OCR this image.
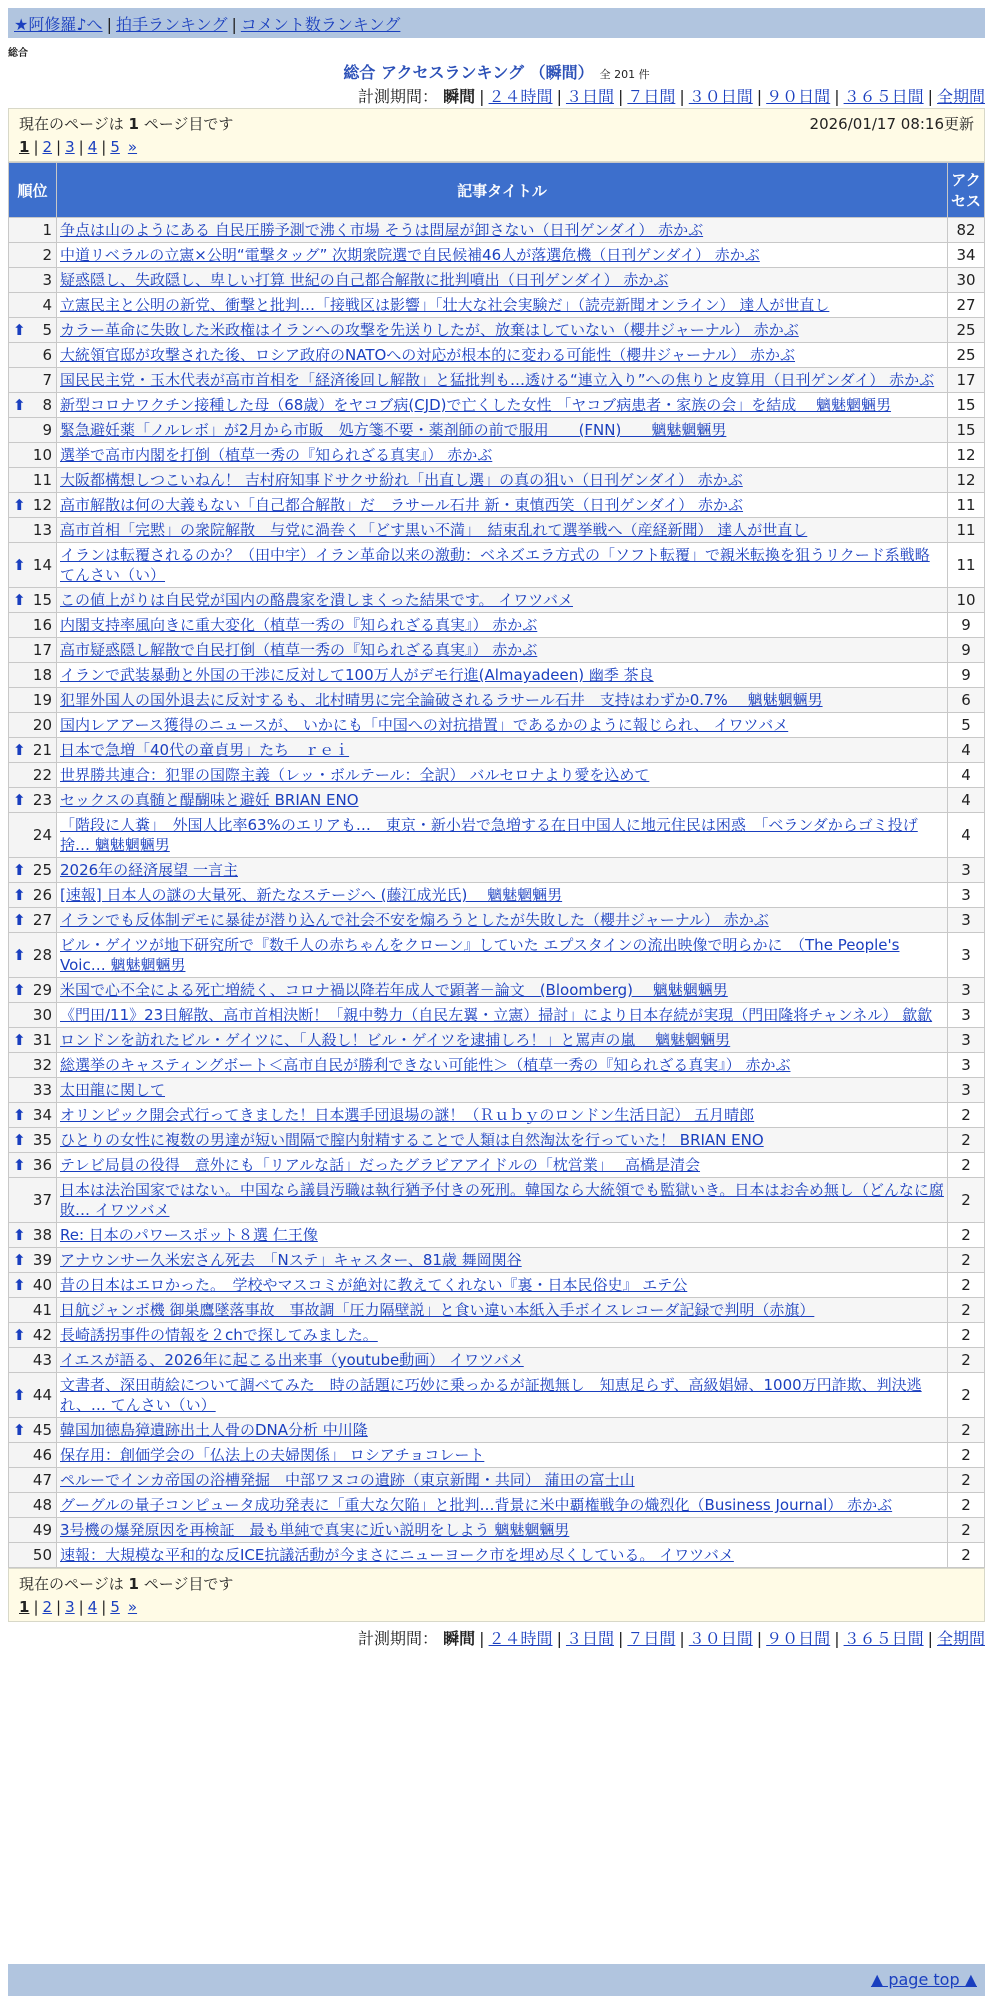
★阿修羅♪へ | 拍手ランキング | コメント数ランキング
総合
総合 アクセスランキング （瞬間） 全 201 件
計測期間： 瞬間 | ２４時間 | ３日間 | ７日間 | ３０日間 | ９０日間 | ３６５日間 | 全期間
現在のページは 1 ページ目です	2026/01/17 08:16更新
1 | 2 | 3 | 4 | 5 »
順位	記事タイトル	アクセス
1	争点は山のようにある 自民圧勝予測で沸く市場 そうは問屋が卸さない（日刊ゲンダイ） 赤かぶ	82
2	中道リベラルの立憲×公明“電撃タッグ” 次期衆院選で自民候補46人が落選危機（日刊ゲンダイ） 赤かぶ	34
3	疑惑隠し、失政隠し、卑しい打算 世紀の自己都合解散に批判噴出（日刊ゲンダイ） 赤かぶ	30
4	立憲民主と公明の新党、衝撃と批判…「接戦区は影響」「壮大な社会実験だ」（読売新聞オンライン） 達人が世直し	27

⬆ 5	カラー革命に失敗した米政権はイランへの攻撃を先送りしたが、放棄はしていない（櫻井ジャーナル） 赤かぶ	25
6	大統領官邸が攻撃された後、ロシア政府のNATOへの対応が根本的に変わる可能性（櫻井ジャーナル） 赤かぶ	25
7	国民民主党・玉木代表が高市首相を「経済後回し解散」と猛批判も…透ける“連立入り”への焦りと皮算用（日刊ゲンダイ） 赤かぶ	17

⬆ 8	新型コロナワクチン接種した母（68歳）をヤコブ病(CJD)で亡くした女性 「ヤコブ病患者・家族の会」を結成　 魑魅魍魎男	15
9	緊急避妊薬「ノルレボ」が2月から市販　処方箋不要・薬剤師の前で服用　　(FNN)　　魑魅魍魎男	15
10	選挙で高市内閣を打倒（植草一秀の『知られざる真実』） 赤かぶ	12
11	大阪都構想しつこいねん！ 吉村府知事ドサクサ紛れ「出直し選」の真の狙い（日刊ゲンダイ） 赤かぶ	12

⬆ 12	高市解散は何の大義もない「自己都合解散」だ　ラサール石井 新・東慎西笑（日刊ゲンダイ） 赤かぶ	11
13	高市首相「完黙」の衆院解散　与党に渦巻く「どす黒い不満」　結束乱れて選挙戦へ（産経新聞） 達人が世直し	11

⬆ 14	イランは転覆されるのか？（田中宇）イラン革命以来の激動：ベネズエラ方式の「ソフト転覆」で親米転換を狙うリクード系戦略 てんさい（い）	11

⬆ 15	この値上がりは自民党が国内の酪農家を潰しまくった結果です。 イワツバメ	10
16	内閣支持率風向きに重大変化（植草一秀の『知られざる真実』） 赤かぶ	9
17	高市疑惑隠し解散で自民打倒（植草一秀の『知られざる真実』） 赤かぶ	9
18	イランで武装暴動と外国の干渉に反対して100万人がデモ行進(Almayadeen) 幽季 茶良	9
19	犯罪外国人の国外退去に反対するも、北村晴男に完全論破されるラサール石井　支持はわずか0.7%　 魑魅魍魎男	6
20	国内レアアース獲得のニュースが、 いかにも「中国への対抗措置」であるかのように報じられ、 イワツバメ	5

⬆ 21	日本で急増「40代の童貞男」たち　ｒｅｉ	4
22	世界勝共連合：犯罪の国際主義（レッ・ボルテール：全訳） バルセロナより愛を込めて	4

⬆ 23	セックスの真髄と醍醐味と避妊 BRIAN ENO	4
24	「階段に人糞」　外国人比率63%のエリアも…　東京・新小岩で急増する在日中国人に地元住民は困惑　「ベランダからゴミ投げ捨… 魑魅魍魎男	4

⬆ 25	2026年の経済展望 一言主	3

⬆ 26	[速報] 日本人の謎の大量死、新たなステージへ (藤江成光氏)　 魑魅魍魎男	3

⬆ 27	イランでも反体制デモに暴徒が潜り込んで社会不安を煽ろうとしたが失敗した（櫻井ジャーナル） 赤かぶ	3

⬆ 28	ビル・ゲイツが地下研究所で『数千人の赤ちゃんをクローン』していた エプスタインの流出映像で明らかに　（The People's Voic… 魑魅魍魎男	3

⬆ 29	米国で心不全による死亡増続く、コロナ禍以降若年成人で顕著－論文　(Bloomberg)　 魑魅魍魎男	3
30	《門田/11》23日解散、高市首相決断！「親中勢力（自民左翼・立憲）掃討」により日本存続が実現（門田隆将チャンネル） 歙歙	3

⬆ 31	ロンドンを訪れたビル・ゲイツに、「人殺し！ビル・ゲイツを逮捕しろ！」と罵声の嵐　 魑魅魍魎男	3
32	総選挙のキャスティングボート＜高市自民が勝利できない可能性＞（植草一秀の『知られざる真実』） 赤かぶ	3
33	太田龍に関して	3

⬆ 34	オリンピック開会式行ってきました！日本選手団退場の謎！（Ｒｕｂｙのロンドン生活日記） 五月晴郎	2

⬆ 35	ひとりの女性に複数の男達が短い間隔で膣内射精することで人類は自然淘汰を行っていた！ BRIAN ENO	2

⬆ 36	テレビ局員の役得　意外にも「リアルな話」だったグラビアアイドルの「枕営業」　 高橋是清会	2
37	日本は法治国家ではない。中国なら議員汚職は執行猶予付きの死刑。韓国なら大統領でも監獄いき。日本はお솜め無し（どんなに腐敗… イワツバメ	2

⬆ 38	Re: 日本のパワースポット８選 仁王像	2

⬆ 39	アナウンサー久米宏さん死去　「Nステ」キャスター、81歳 舞岡関谷	2

⬆ 40	昔の日本はエロかった。　学校やマスコミが絶対に教えてくれない『裏・日本民俗史』 エテ公	2
41	日航ジャンボ機 御巣鷹墜落事故　事故調「圧力隔壁説」と食い違い本紙入手ボイスレコーダ記録で判明（赤旗）	2

⬆ 42	長崎誘拐事件の情報を２chで探してみました。	2
43	イエスが語る、2026年に起こる出来事（youtube動画） イワツバメ	2

⬆ 44	文書者、深田萌絵について調べてみた　時の話題に巧妙に乗っかるが証拠無し　知恵足らず、高級娼婦、1000万円詐欺、判決逃れ、… てんさい（い）	2

⬆ 45	韓国加徳島獐遺跡出土人骨のDNA分析 中川隆	2
46	保存用：創価学会の「仏法上の夫婦関係」 ロシアチョコレート	2
47	ペルーでインカ帝国の浴槽発掘　中部ワヌコの遺跡（東京新聞・共同） 蒲田の富士山	2
48	グーグルの量子コンピュータ成功発表に「重大な欠陥」と批判…背景に米中覇権戦争の熾烈化（Business Journal） 赤かぶ	2
49	3号機の爆発原因を再検証　最も単純で真実に近い説明をしよう 魑魅魍魎男	2
50	速報：大規模な平和的な反ICE抗議活動が今まさにニューヨーク市を埋め尽くしている。 イワツバメ	2
現在のページは 1 ページ目です
1 | 2 | 3 | 4 | 5 »
計測期間： 瞬間 | ２４時間 | ３日間 | ７日間 | ３０日間 | ９０日間 | ３６５日間 | 全期間
▲ page top ▲
